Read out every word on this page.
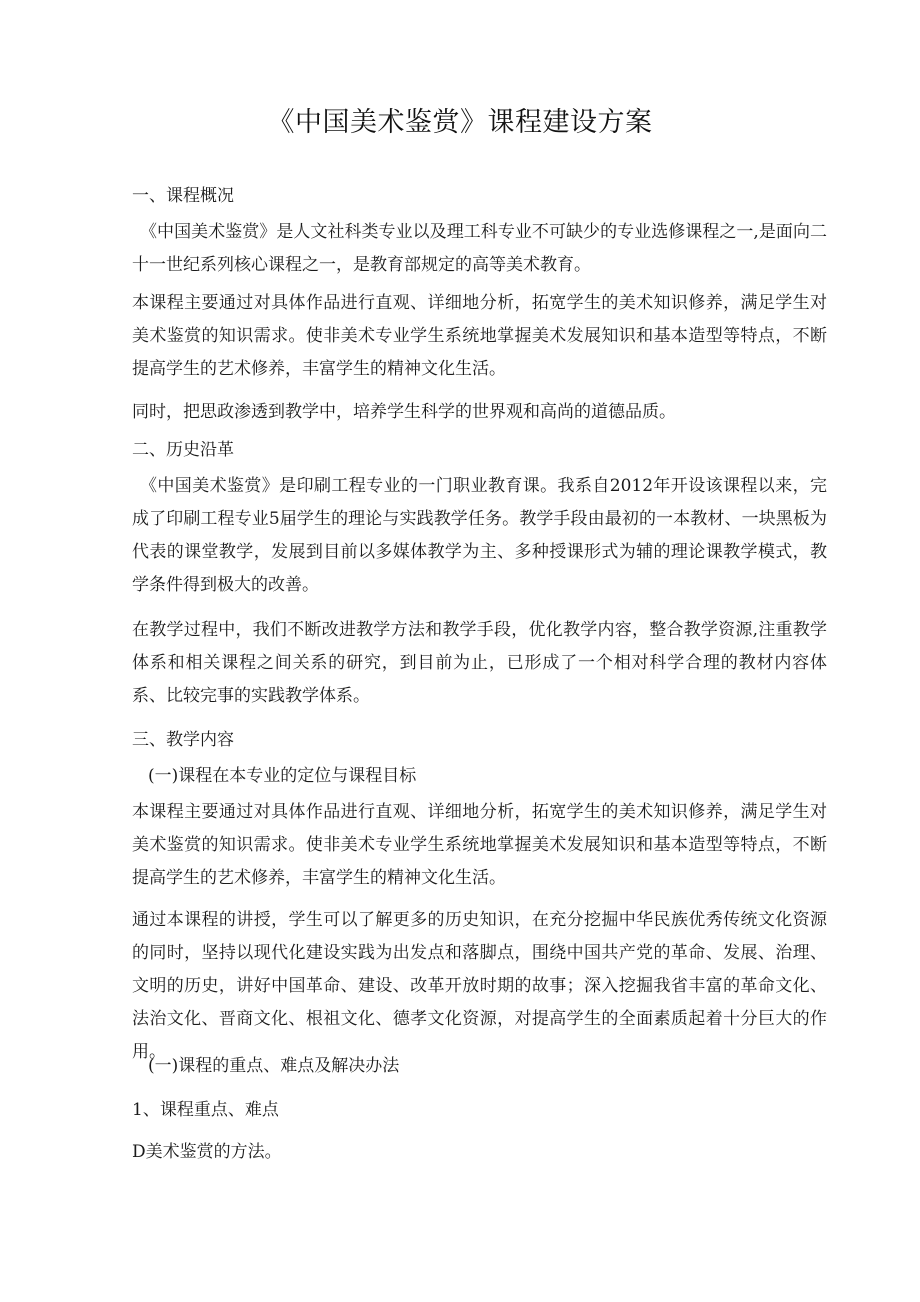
《中国美术鉴赏》课程建设方案
一、课程概况
《中国美术鉴赏》是人文社科类专业以及理工科专业不可缺少的专业选修课程之一,是面向二十一世纪系列核心课程之一，是教育部规定的高等美术教育。
本课程主要通过对具体作品进行直观、详细地分析，拓宽学生的美术知识修养，满足学生对美术鉴赏的知识需求。使非美术专业学生系统地掌握美术发展知识和基本造型等特点，不断提高学生的艺术修养，丰富学生的精神文化生活。
同时，把思政渗透到教学中，培养学生科学的世界观和高尚的道德品质。
二、历史沿革
《中国美术鉴赏》是印刷工程专业的一门职业教育课。我系自2012年开设该课程以来，完成了印刷工程专业5届学生的理论与实践教学任务。教学手段由最初的一本教材、一块黑板为代表的课堂教学，发展到目前以多媒体教学为主、多种授课形式为辅的理论课教学模式，教学条件得到极大的改善。
在教学过程中，我们不断改进教学方法和教学手段，优化教学内容，整合教学资源,注重教学体系和相关课程之间关系的研究，到目前为止，已形成了一个相对科学合理的教材内容体系、比较完事的实践教学体系。
三、教学内容
(一)课程在本专业的定位与课程目标
本课程主要通过对具体作品进行直观、详细地分析，拓宽学生的美术知识修养，满足学生对美术鉴赏的知识需求。使非美术专业学生系统地掌握美术发展知识和基本造型等特点，不断提高学生的艺术修养，丰富学生的精神文化生活。
通过本课程的讲授，学生可以了解更多的历史知识，在充分挖掘中华民族优秀传统文化资源的同时，坚持以现代化建设实践为出发点和落脚点，围绕中国共产党的革命、发展、治理、文明的历史，讲好中国革命、建设、改革开放时期的故事；深入挖掘我省丰富的革命文化、法治文化、晋商文化、根祖文化、德孝文化资源，对提高学生的全面素质起着十分巨大的作用。
(一)课程的重点、难点及解决办法
1、课程重点、难点
D美术鉴赏的方法。
